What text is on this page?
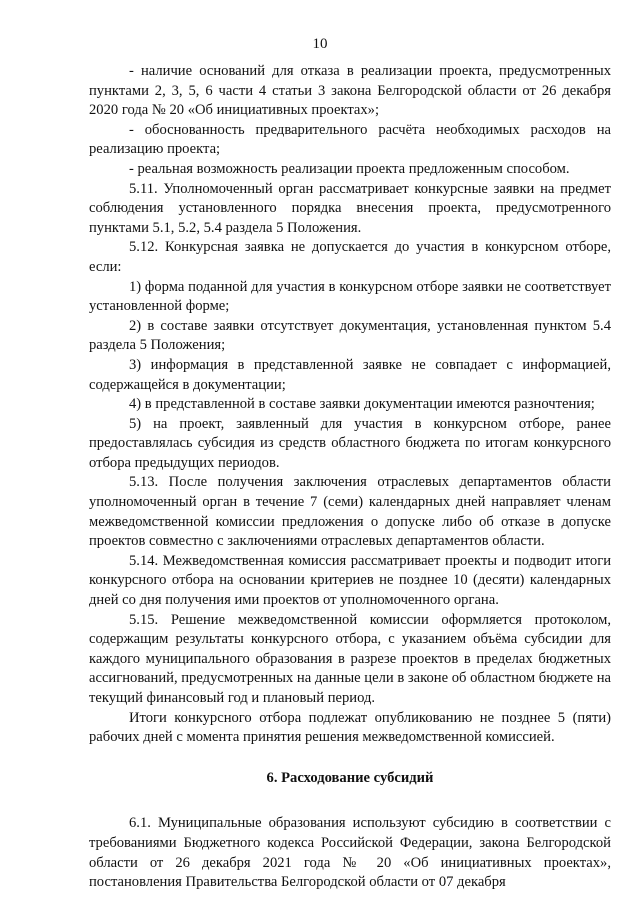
10

- наличие оснований для отказа в реализации проекта, предусмотренных пунктами 2, 3, 5, 6 части 4 статьи 3 закона Белгородской области от 26 декабря 2020 года № 20 «Об инициативных проектах»;

- обоснованность предварительного расчёта необходимых расходов на реализацию проекта;

- реальная возможность реализации проекта предложенным способом.

5.11. Уполномоченный орган рассматривает конкурсные заявки на предмет соблюдения установленного порядка внесения проекта, предусмотренного пунктами 5.1, 5.2, 5.4 раздела 5 Положения.

5.12. Конкурсная заявка не допускается до участия в конкурсном отборе, если:

1) форма поданной для участия в конкурсном отборе заявки не соответствует установленной форме;

2) в составе заявки отсутствует документация, установленная пунктом 5.4 раздела 5 Положения;

3) информация в представленной заявке не совпадает с информацией, содержащейся в документации;

4) в представленной в составе заявки документации имеются разночтения;

5) на проект, заявленный для участия в конкурсном отборе, ранее предоставлялась субсидия из средств областного бюджета по итогам конкурсного отбора предыдущих периодов.

5.13. После получения заключения отраслевых департаментов области уполномоченный орган в течение 7 (семи) календарных дней направляет членам межведомственной комиссии предложения о допуске либо об отказе в допуске проектов совместно с заключениями отраслевых департаментов области.

5.14. Межведомственная комиссия рассматривает проекты и подводит итоги конкурсного отбора на основании критериев не позднее 10 (десяти) календарных дней со дня получения ими проектов от уполномоченного органа.

5.15. Решение межведомственной комиссии оформляется протоколом, содержащим результаты конкурсного отбора, с указанием объёма субсидии для каждого муниципального образования в разрезе проектов в пределах бюджетных ассигнований, предусмотренных на данные цели в законе об областном бюджете на текущий финансовый год и плановый период.

Итоги конкурсного отбора подлежат опубликованию не позднее 5 (пяти) рабочих дней с момента принятия решения межведомственной комиссией.

6. Расходование субсидий

6.1. Муниципальные образования используют субсидию в соответствии с требованиями Бюджетного кодекса Российской Федерации, закона Белгородской области от 26 декабря 2021 года № 20 «Об инициативных проектах», постановления Правительства Белгородской области от 07 декабря
